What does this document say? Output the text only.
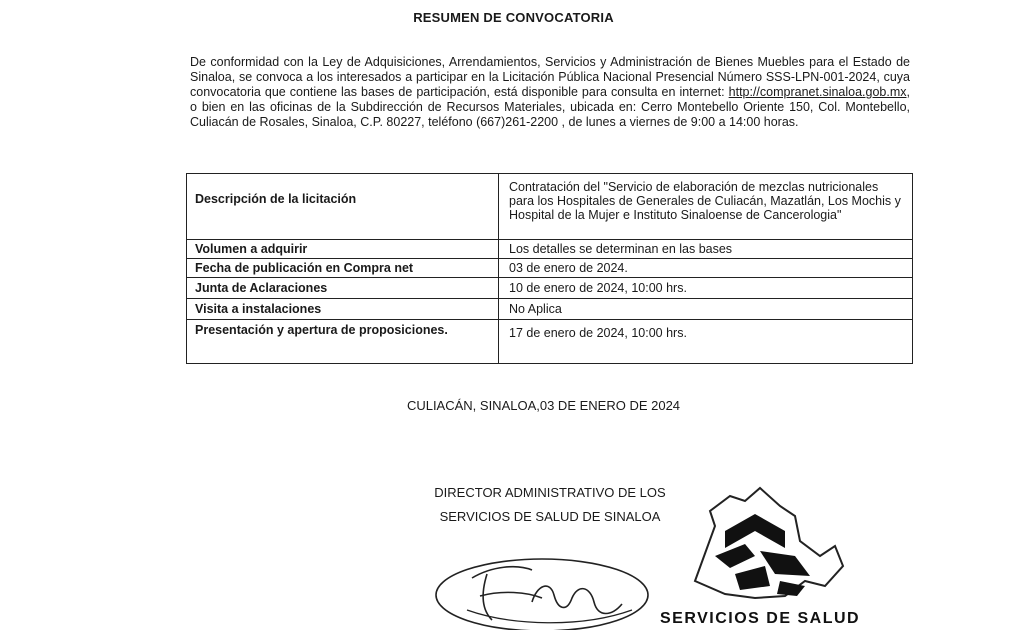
RESUMEN DE CONVOCATORIA
De conformidad con la Ley de Adquisiciones, Arrendamientos, Servicios y Administración de Bienes Muebles para el Estado de Sinaloa, se convoca a los interesados a participar en la Licitación Pública Nacional Presencial Número SSS-LPN-001-2024, cuya convocatoria que contiene las bases de participación, está disponible para consulta en internet: http://compranet.sinaloa.gob.mx, o bien en las oficinas de la Subdirección de Recursos Materiales, ubicada en: Cerro Montebello Oriente 150, Col. Montebello, Culiacán de Rosales, Sinaloa, C.P. 80227, teléfono (667)261-2200 , de lunes a viernes de 9:00 a 14:00 horas.
Descripción de la licitación	Contratación del "Servicio de elaboración de mezclas nutricionales para los Hospitales de Generales de Culiacán, Mazatlán, Los Mochis y Hospital de la Mujer e Instituto Sinaloense de Cancerologia"
Volumen a adquirir	Los detalles se determinan en las bases
Fecha de publicación en Compra net	03 de enero de 2024.
Junta de Aclaraciones	10 de enero de 2024, 10:00 hrs.
Visita a instalaciones	No Aplica
Presentación y apertura de proposiciones.	17 de enero de 2024, 10:00 hrs.
CULIACÁN, SINALOA,03 DE ENERO DE 2024
DIRECTOR ADMINISTRATIVO DE LOS
SERVICIOS DE SALUD DE SINALOA
SERVICIOS DE SALUD
